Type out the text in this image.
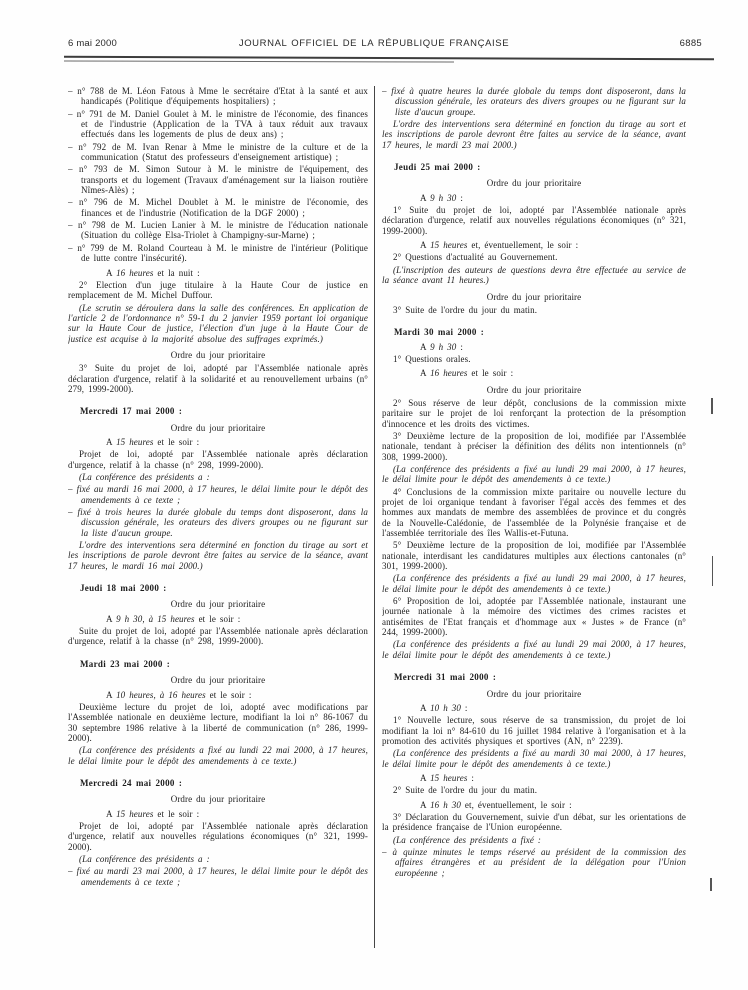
6 mai 2000	JOURNAL OFFICIEL DE LA RÉPUBLIQUE FRANÇAISE	6885

– n° 788 de M. Léon Fatous à Mme le secrétaire d'Etat à la santé et aux handicapés (Politique d'équipements hospitaliers) ;

– n° 791 de M. Daniel Goulet à M. le ministre de l'économie, des finances et de l'industrie (Application de la TVA à taux réduit aux travaux effectués dans les logements de plus de deux ans) ;

– n° 792 de M. Ivan Renar à Mme le ministre de la culture et de la communication (Statut des professeurs d'enseignement artistique) ;

– n° 793 de M. Simon Sutour à M. le ministre de l'équipement, des transports et du logement (Travaux d'aménagement sur la liaison routière Nîmes-Alès) ;

– n° 796 de M. Michel Doublet à M. le ministre de l'économie, des finances et de l'industrie (Notification de la DGF 2000) ;

– n° 798 de M. Lucien Lanier à M. le ministre de l'éducation nationale (Situation du collège Elsa-Triolet à Champigny-sur-Marne) ;

– n° 799 de M. Roland Courteau à M. le ministre de l'intérieur (Politique de lutte contre l'insécurité).

A 16 heures et la nuit :

2° Election d'un juge titulaire à la Haute Cour de justice en remplacement de M. Michel Duffour.

(Le scrutin se déroulera dans la salle des conférences. En application de l'article 2 de l'ordonnance n° 59-1 du 2 janvier 1959 portant loi organique sur la Haute Cour de justice, l'élection d'un juge à la Haute Cour de justice est acquise à la majorité absolue des suffrages exprimés.)

Ordre du jour prioritaire

3° Suite du projet de loi, adopté par l'Assemblée nationale après déclaration d'urgence, relatif à la solidarité et au renouvellement urbains (n° 279, 1999-2000).

Mercredi 17 mai 2000 :

Ordre du jour prioritaire

A 15 heures et le soir :

Projet de loi, adopté par l'Assemblée nationale après déclaration d'urgence, relatif à la chasse (n° 298, 1999-2000).

(La conférence des présidents a :

– fixé au mardi 16 mai 2000, à 17 heures, le délai limite pour le dépôt des amendements à ce texte ;

– fixé à trois heures la durée globale du temps dont disposeront, dans la discussion générale, les orateurs des divers groupes ou ne figurant sur la liste d'aucun groupe.

L'ordre des interventions sera déterminé en fonction du tirage au sort et les inscriptions de parole devront être faites au service de la séance, avant 17 heures, le mardi 16 mai 2000.)

Jeudi 18 mai 2000 :

Ordre du jour prioritaire

A 9 h 30, à 15 heures et le soir :

Suite du projet de loi, adopté par l'Assemblée nationale après déclaration d'urgence, relatif à la chasse (n° 298, 1999-2000).

Mardi 23 mai 2000 :

Ordre du jour prioritaire

A 10 heures, à 16 heures et le soir :

Deuxième lecture du projet de loi, adopté avec modifications par l'Assemblée nationale en deuxième lecture, modifiant la loi n° 86-1067 du 30 septembre 1986 relative à la liberté de communication (n° 286, 1999-2000).

(La conférence des présidents a fixé au lundi 22 mai 2000, à 17 heures, le délai limite pour le dépôt des amendements à ce texte.)

Mercredi 24 mai 2000 :

Ordre du jour prioritaire

A 15 heures et le soir :

Projet de loi, adopté par l'Assemblée nationale après déclaration d'urgence, relatif aux nouvelles régulations économiques (n° 321, 1999-2000).

(La conférence des présidents a :

– fixé au mardi 23 mai 2000, à 17 heures, le délai limite pour le dépôt des amendements à ce texte ;

– fixé à quatre heures la durée globale du temps dont disposeront, dans la discussion générale, les orateurs des divers groupes ou ne figurant sur la liste d'aucun groupe.

L'ordre des interventions sera déterminé en fonction du tirage au sort et les inscriptions de parole devront être faites au service de la séance, avant 17 heures, le mardi 23 mai 2000.)

Jeudi 25 mai 2000 :

Ordre du jour prioritaire

A 9 h 30 :

1° Suite du projet de loi, adopté par l'Assemblée nationale après déclaration d'urgence, relatif aux nouvelles régulations économiques (n° 321, 1999-2000).

A 15 heures et, éventuellement, le soir :

2° Questions d'actualité au Gouvernement.

(L'inscription des auteurs de questions devra être effectuée au service de la séance avant 11 heures.)

Ordre du jour prioritaire

3° Suite de l'ordre du jour du matin.

Mardi 30 mai 2000 :

A 9 h 30 :

1° Questions orales.

A 16 heures et le soir :

Ordre du jour prioritaire

2° Sous réserve de leur dépôt, conclusions de la commission mixte paritaire sur le projet de loi renforçant la protection de la présomption d'innocence et les droits des victimes.

3° Deuxième lecture de la proposition de loi, modifiée par l'Assemblée nationale, tendant à préciser la définition des délits non intentionnels (n° 308, 1999-2000).

(La conférence des présidents a fixé au lundi 29 mai 2000, à 17 heures, le délai limite pour le dépôt des amendements à ce texte.)

4° Conclusions de la commission mixte paritaire ou nouvelle lecture du projet de loi organique tendant à favoriser l'égal accès des femmes et des hommes aux mandats de membre des assemblées de province et du congrès de la Nouvelle-Calédonie, de l'assemblée de la Polynésie française et de l'assemblée territoriale des îles Wallis-et-Futuna.

5° Deuxième lecture de la proposition de loi, modifiée par l'Assemblée nationale, interdisant les candidatures multiples aux élections cantonales (n° 301, 1999-2000).

(La conférence des présidents a fixé au lundi 29 mai 2000, à 17 heures, le délai limite pour le dépôt des amendements à ce texte.)

6° Proposition de loi, adoptée par l'Assemblée nationale, instaurant une journée nationale à la mémoire des victimes des crimes racistes et antisémites de l'Etat français et d'hommage aux « Justes » de France (n° 244, 1999-2000).

(La conférence des présidents a fixé au lundi 29 mai 2000, à 17 heures, le délai limite pour le dépôt des amendements à ce texte.)

Mercredi 31 mai 2000 :

Ordre du jour prioritaire

A 10 h 30 :

1° Nouvelle lecture, sous réserve de sa transmission, du projet de loi modifiant la loi n° 84-610 du 16 juillet 1984 relative à l'organisation et à la promotion des activités physiques et sportives (AN, n° 2239).

(La conférence des présidents a fixé au mardi 30 mai 2000, à 17 heures, le délai limite pour le dépôt des amendements à ce texte.)

A 15 heures :

2° Suite de l'ordre du jour du matin.

A 16 h 30 et, éventuellement, le soir :

3° Déclaration du Gouvernement, suivie d'un débat, sur les orientations de la présidence française de l'Union européenne.

(La conférence des présidents a fixé :

– à quinze minutes le temps réservé au président de la commission des affaires étrangères et au président de la délégation pour l'Union européenne ;
